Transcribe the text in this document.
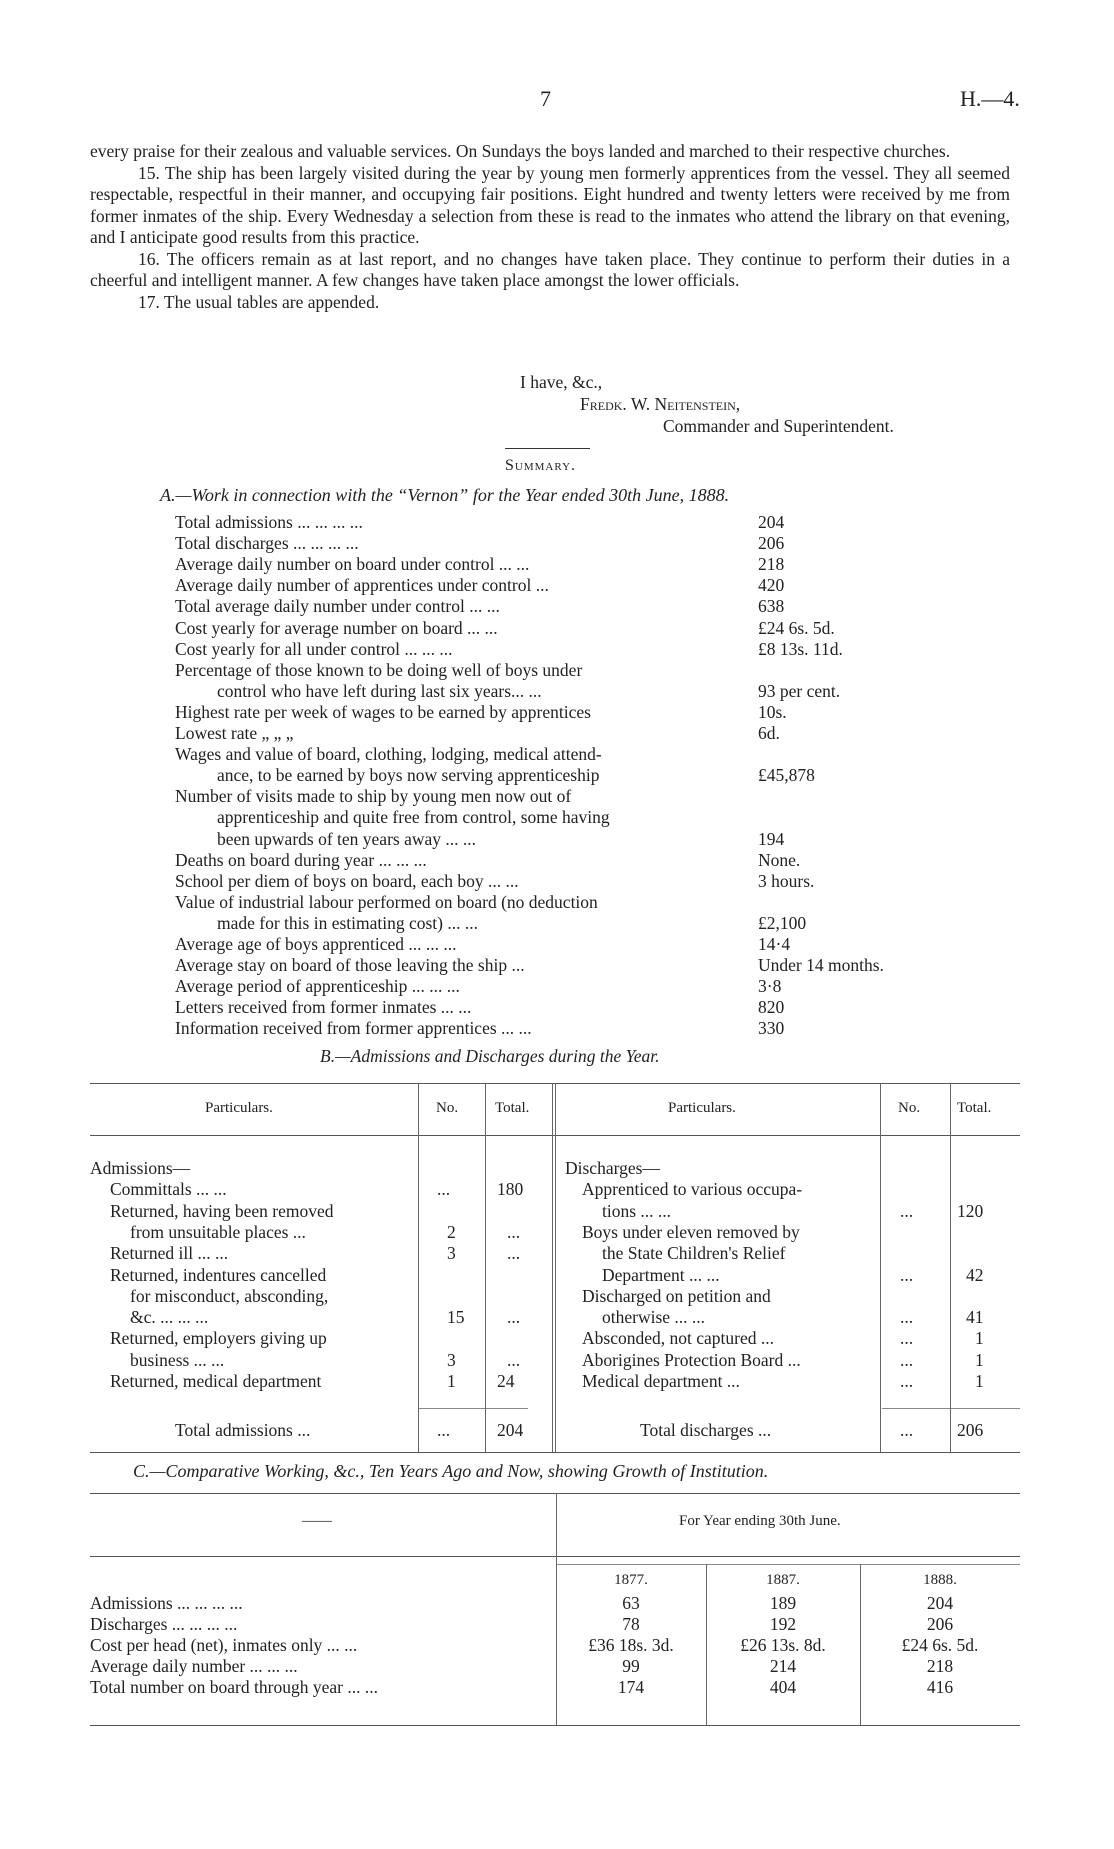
7	H.—4.

every praise for their zealous and valuable services. On Sundays the boys landed and marched to their respective churches.

15. The ship has been largely visited during the year by young men formerly apprentices from the vessel. They all seemed respectable, respectful in their manner, and occupying fair positions. Eight hundred and twenty letters were received by me from former inmates of the ship. Every Wednesday a selection from these is read to the inmates who attend the library on that evening, and I anticipate good results from this practice.

16. The officers remain as at last report, and no changes have taken place. They continue to perform their duties in a cheerful and intelligent manner. A few changes have taken place amongst the lower officials.

17. The usual tables are appended.

I have, &c.,
Fredk. W. Neitenstein,
Commander and Superintendent.
Summary.
A.—Work in connection with the “Vernon” for the Year ended 30th June, 1888.
Total admissions ... ... ... ...	204
Total discharges ... ... ... ...	206
Average daily number on board under control ... ...	218
Average daily number of apprentices under control ...	420
Total average daily number under control ... ...	638
Cost yearly for average number on board ... ...	£24 6s. 5d.
Cost yearly for all under control ... ... ...	£8 13s. 11d.
Percentage of those known to be doing well of boys under
control who have left during last six years... ...	93 per cent.
Highest rate per week of wages to be earned by apprentices	10s.
Lowest rate „ „ „	6d.
Wages and value of board, clothing, lodging, medical attend-
ance, to be earned by boys now serving apprenticeship	£45,878
Number of visits made to ship by young men now out of
apprenticeship and quite free from control, some having
been upwards of ten years away ... ...	194
Deaths on board during year ... ... ...	None.
School per diem of boys on board, each boy ... ...	3 hours.
Value of industrial labour performed on board (no deduction
made for this in estimating cost) ... ...	£2,100
Average age of boys apprenticed ... ... ...	14·4
Average stay on board of those leaving the ship ...	Under 14 months.
Average period of apprenticeship ... ... ...	3·8
Letters received from former inmates ... ...	820
Information received from former apprentices ... ...	330
B.—Admissions and Discharges during the Year.
Particulars.	No. Total.	Particulars.	No. Total.
Admissions—	Discharges—
Committals ... ...	...	180
Returned, having been removed
from unsuitable places ...	2	...
Returned ill ... ...	3	...
Returned, indentures cancelled
for misconduct, absconding,
&c. ... ... ...	15 ...
Returned, employers giving up
business ... ...	3	...
Returned, medical department	1 24
Apprenticed to various occupa-
tions ... ...	...	120
Boys under eleven removed by
the State Children's Relief
Department ... ...	...	42
Discharged on petition and
otherwise ... ...	...	41
Absconded, not captured ...	...	1
Aborigines Protection Board ...	...	1
Medical department ...	...	1
Total admissions ...	...	204	Total discharges ...	...	206
C.—Comparative Working, &c., Ten Years Ago and Now, showing Growth of Institution.
——	For Year ending 30th June.
1877.	1887.	1888.
Admissions ... ... ... ...	63	189	204
Discharges ... ... ... ...	78	192	206
Cost per head (net), inmates only ... ...	£36 18s. 3d.	£26 13s. 8d.	£24 6s. 5d.
Average daily number ... ... ...	99	214	218
Total number on board through year ... ...	174	404	416
